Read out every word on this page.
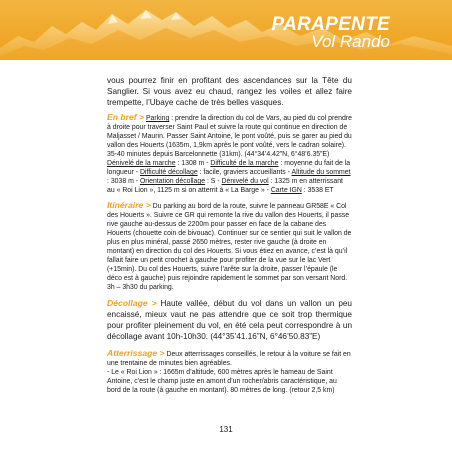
PARAPENTE
Vol Rando

vous pourrez finir en profitant des ascendances sur la Tête du Sanglier. Si vous avez eu chaud, rangez les voiles et allez faire trempette, l’Ubaye cache de très belles vasques.

En bref > Parking : prendre la direction du col de Vars, au pied du col prendre à droite pour traverser Saint Paul et suivre la route qui continue en direction de Maljasset / Maurin. Passer Saint Antoine, le pont voûté, puis se garer au pied du vallon des Houerts (1635m, 1,9km après le pont voûté, vers le cadran solaire). 35-40 minutes depuis Barcelonnette (31km). (44°34’4.42”N, 6°48’6.35”E) Dénivelé de la marche : 1308 m - Difficulté de la marche : moyenne du fait de la longueur - Difficulté décollage : facile, graviers accueillants - Altitude du sommet : 3038 m - Orientation décollage : S - Dénivelé du vol : 1325 m en atterrissant au « Roi Lion », 1125 m si on atterrit à « La Barge » - Carte IGN : 3538 ET

Itinéraire > Du parking au bord de la route, suivre le panneau GR58E « Col des Houerts ». Suivre ce GR qui remonte la rive du vallon des Houerts, il passe rive gauche au-dessus de 2200m pour passer en face de la cabane des Houerts (chouette coin de bivouac). Continuer sur ce sentier qui suit le vallon de plus en plus minéral, passé 2650 mètres, rester rive gauche (à droite en montant) en direction du col des Houerts. Si vous étiez en avance, c’est là qu’il fallait faire un petit crochet à gauche pour profiter de la vue sur le lac Vert (+15min). Du col des Houerts, suivre l’arête sur la droite, passer l’épaule (le déco est à gauche) puis rejoindre rapidement le sommet par son versant Nord. 3h – 3h30 du parking.

Décollage > Haute vallée, début du vol dans un vallon un peu encaissé, mieux vaut ne pas attendre que ce soit trop thermique pour profiter pleinement du vol, en été cela peut correspondre à un décollage avant 10h-10h30. (44°35’41.16”N, 6°46’50.83”E)

Atterrissage > Deux atterrissages conseillés, le retour à la voiture se fait en une trentaine de minutes bien agréables.
- Le « Roi Lion » : 1665m d’altitude, 600 mètres après le hameau de Saint Antoine, c’est le champ juste en amont d’un rocher/abris caractéristique, au bord de la route (à gauche en montant). 80 mètres de long. (retour 2,5 km)

131
